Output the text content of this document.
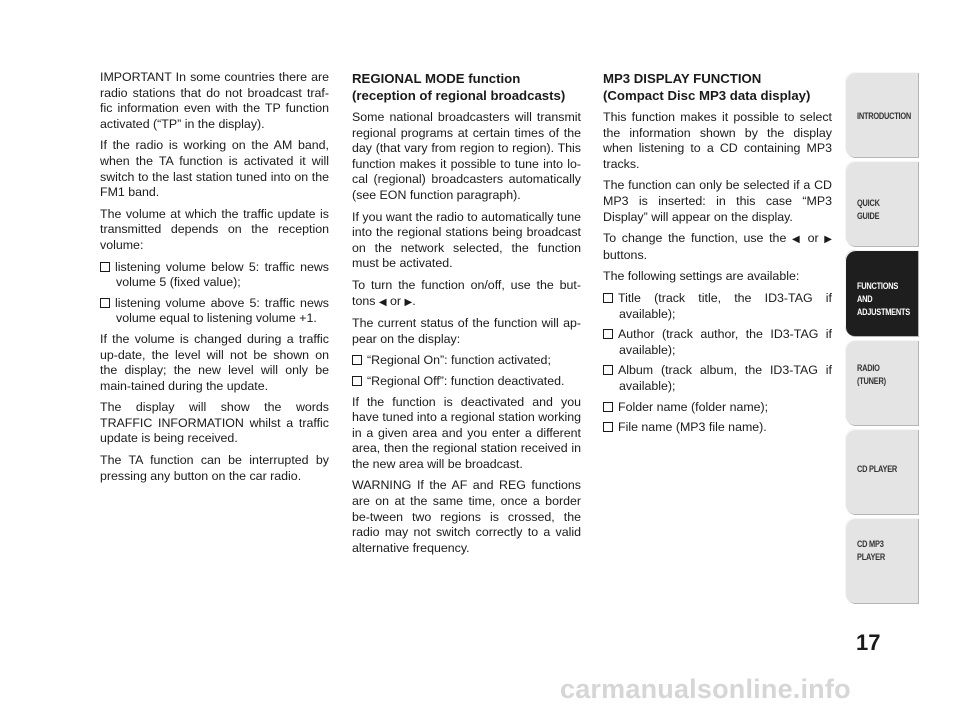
IMPORTANT In some countries there are radio stations that do not broadcast traf-fic information even with the TP function activated (“TP” in the display).

If the radio is working on the AM band, when the TA function is activated it will switch to the last station tuned into on the FM1 band.

The volume at which the traffic update is transmitted depends on the reception volume:

listening volume below 5: traffic news volume 5 (fixed value);
listening volume above 5: traffic news volume equal to listening volume +1.

If the volume is changed during a traffic up-date, the level will not be shown on the display; the new level will only be main-tained during the update.

The display will show the words TRAFFIC INFORMATION whilst a traffic update is being received.

The TA function can be interrupted by pressing any button on the car radio.

REGIONAL MODE function
(reception of regional broadcasts)

Some national broadcasters will transmit regional programs at certain times of the day (that vary from region to region). This function makes it possible to tune into lo-cal (regional) broadcasters automatically (see EON function paragraph).

If you want the radio to automatically tune into the regional stations being broadcast on the network selected, the function must be activated.

To turn the function on/off, use the but-tons ◀ or ▶.

The current status of the function will ap-pear on the display:

“Regional On”: function activated;
“Regional Off”: function deactivated.

If the function is deactivated and you have tuned into a regional station working in a given area and you enter a different area, then the regional station received in the new area will be broadcast.

WARNING If the AF and REG functions are on at the same time, once a border be-tween two regions is crossed, the radio may not switch correctly to a valid alternative frequency.

MP3 DISPLAY FUNCTION
(Compact Disc MP3 data display)

This function makes it possible to select the information shown by the display when listening to a CD containing MP3 tracks.

The function can only be selected if a CD MP3 is inserted: in this case “MP3 Display” will appear on the display.

To change the function, use the ◀ or ▶ buttons.

The following settings are available:

Title (track title, the ID3-TAG if available);
Author (track author, the ID3-TAG if available);
Album (track album, the ID3-TAG if available);
Folder name (folder name);
File name (MP3 file name).
INTRODUCTION
QUICK
GUIDE
FUNCTIONS
AND
ADJUSTMENTS
RADIO
(TUNER)
CD PLAYER
CD MP3
PLAYER
17
carmanualsonline.info
